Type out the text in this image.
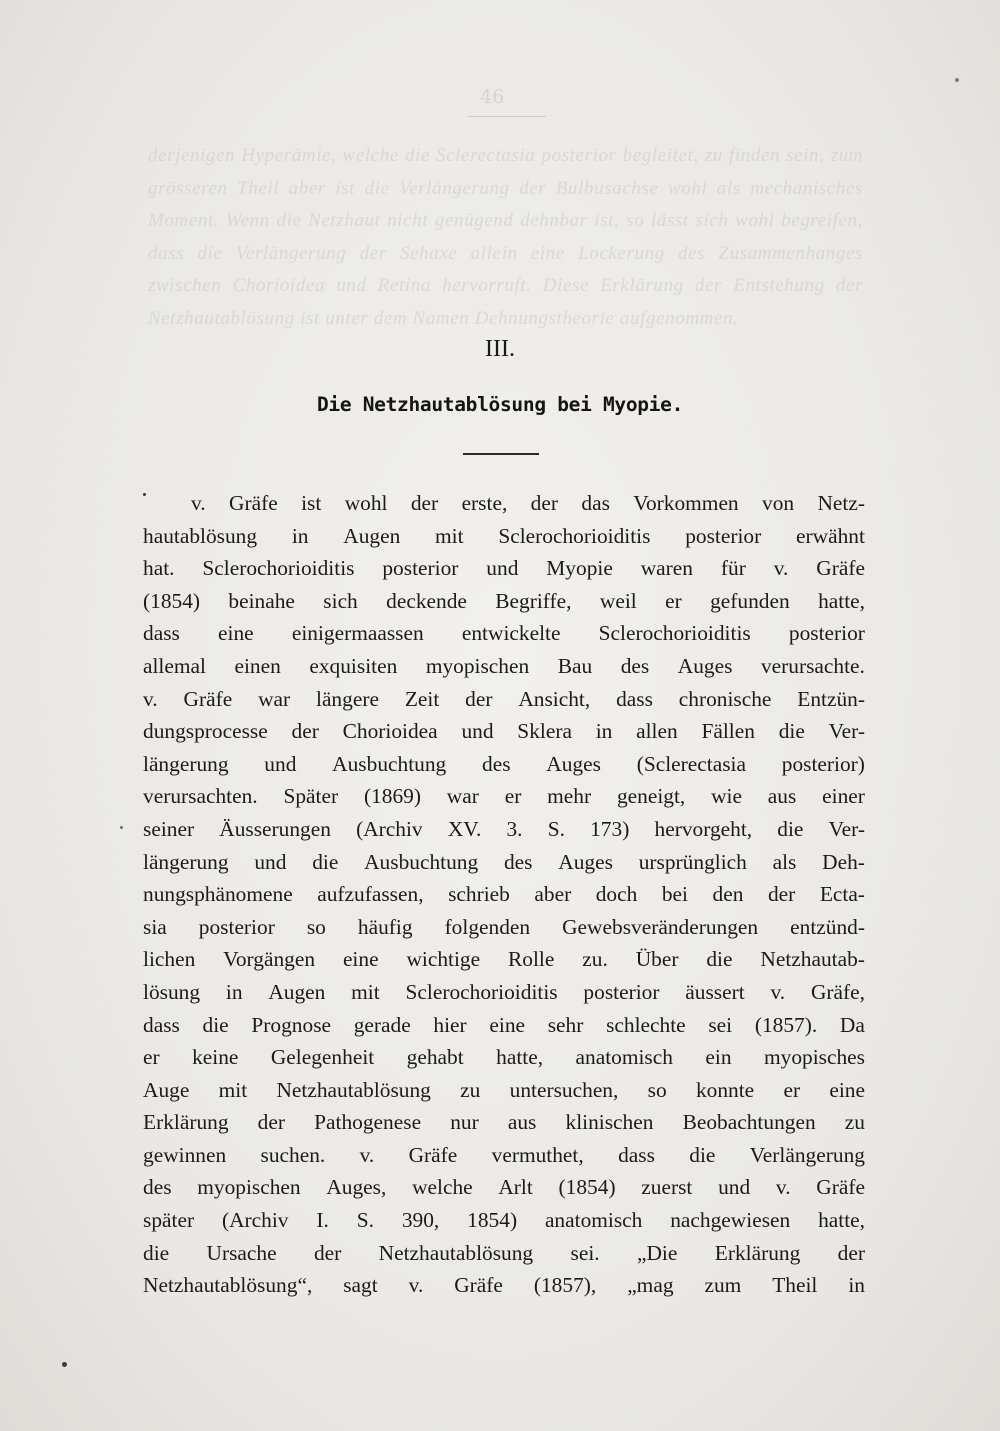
46
derjenigen Hyperämie, welche die Sclerectasia posterior begleitet, zu finden sein, zum grösseren Theil aber ist die Verlängerung der Bulbusachse wohl als mechanisches Moment. Wenn die Netzhaut nicht genügend dehnbar ist, so lässt sich wohl begreifen, dass die Verlängerung der Sehaxe allein eine Lockerung des Zusammenhanges zwischen Chorioidea und Retina hervorruft. Diese Erklärung der Entstehung der Netzhautablösung ist unter dem Namen Dehnungstheorie aufgenommen.
III.
Die Netzhautablösung bei Myopie.
v. Gräfe ist wohl der erste, der das Vorkommen von Netz-
hautablösung in Augen mit Sclerochorioiditis posterior erwähnt
hat. Sclerochorioiditis posterior und Myopie waren für v. Gräfe
(1854) beinahe sich deckende Begriffe, weil er gefunden hatte,
dass eine einigermaassen entwickelte Sclerochorioiditis posterior
allemal einen exquisiten myopischen Bau des Auges verursachte.
v. Gräfe war längere Zeit der Ansicht, dass chronische Entzün-
dungsprocesse der Chorioidea und Sklera in allen Fällen die Ver-
längerung und Ausbuchtung des Auges (Sclerectasia posterior)
verursachten. Später (1869) war er mehr geneigt, wie aus einer
seiner Äusserungen (Archiv XV. 3. S. 173) hervorgeht, die Ver-
längerung und die Ausbuchtung des Auges ursprünglich als Deh-
nungsphänomene aufzufassen, schrieb aber doch bei den der Ecta-
sia posterior so häufig folgenden Gewebsveränderungen entzünd-
lichen Vorgängen eine wichtige Rolle zu. Über die Netzhautab-
lösung in Augen mit Sclerochorioiditis posterior äussert v. Gräfe,
dass die Prognose gerade hier eine sehr schlechte sei (1857). Da
er keine Gelegenheit gehabt hatte, anatomisch ein myopisches
Auge mit Netzhautablösung zu untersuchen, so konnte er eine
Erklärung der Pathogenese nur aus klinischen Beobachtungen zu
gewinnen suchen. v. Gräfe vermuthet, dass die Verlängerung
des myopischen Auges, welche Arlt (1854) zuerst und v. Gräfe
später (Archiv I. S. 390, 1854) anatomisch nachgewiesen hatte,
die Ursache der Netzhautablösung sei. „Die Erklärung der
Netzhautablösung“, sagt v. Gräfe (1857), „mag zum Theil in
